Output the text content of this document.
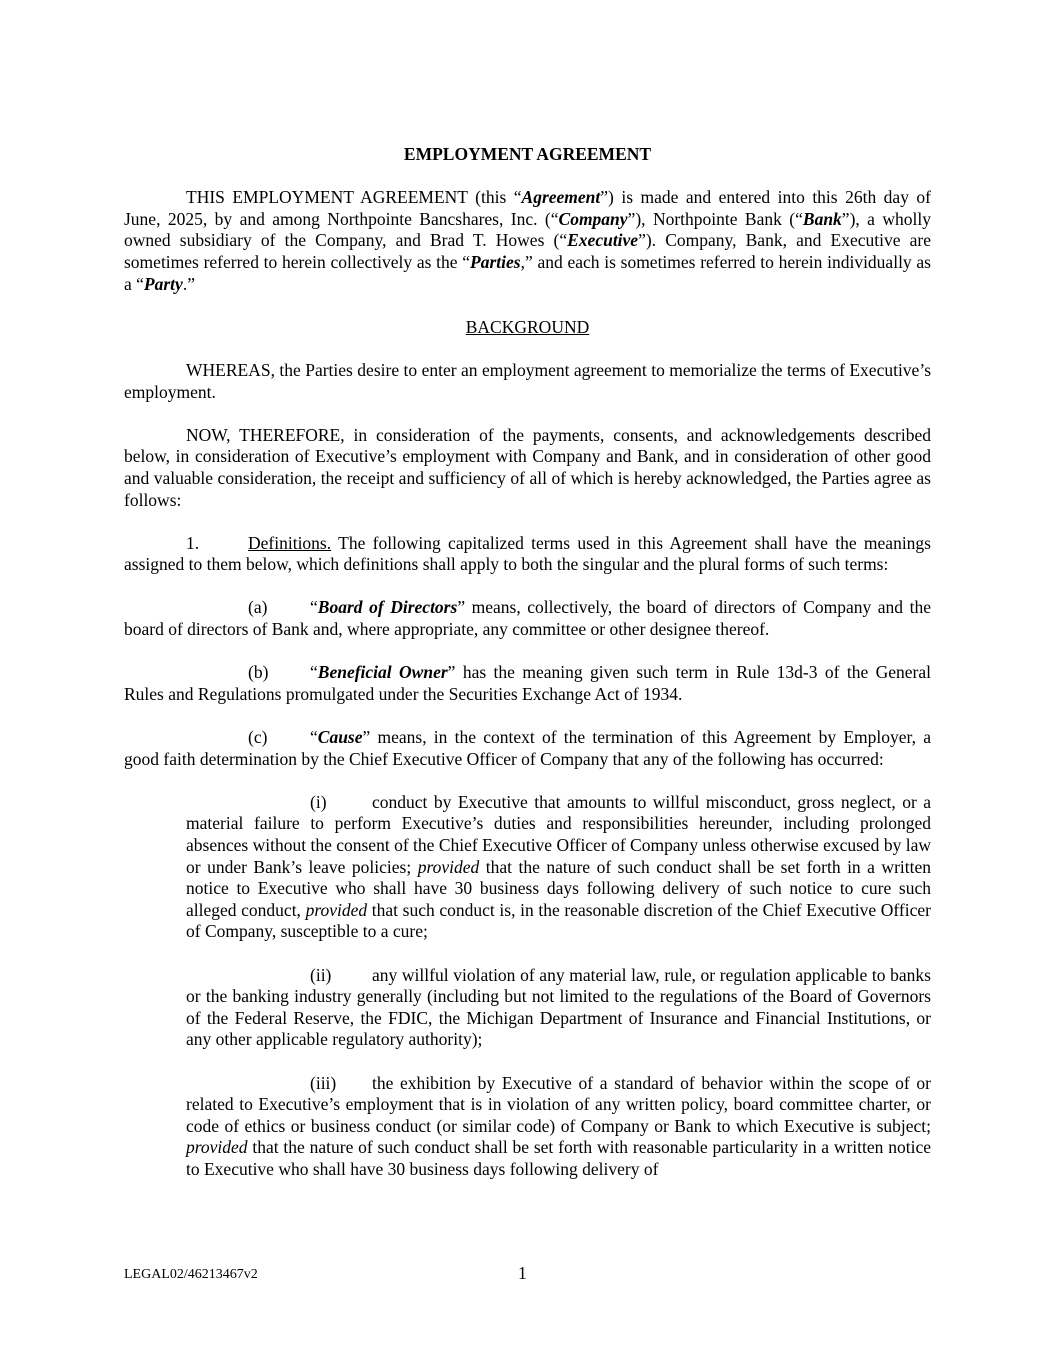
EMPLOYMENT AGREEMENT

THIS EMPLOYMENT AGREEMENT (this “Agreement”) is made and entered into this 26th day of June, 2025, by and among Northpointe Bancshares, Inc. (“Company”), Northpointe Bank (“Bank”), a wholly owned subsidiary of the Company, and Brad T. Howes (“Executive”). Company, Bank, and Executive are sometimes referred to herein collectively as the “Parties,” and each is sometimes referred to herein individually as a “Party.”

BACKGROUND

WHEREAS, the Parties desire to enter an employment agreement to memorialize the terms of Executive’s employment.

NOW, THEREFORE, in consideration of the payments, consents, and acknowledgements described below, in consideration of Executive’s employment with Company and Bank, and in consideration of other good and valuable consideration, the receipt and sufficiency of all of which is hereby acknowledged, the Parties agree as follows:

1.	Definitions. The following capitalized terms used in this Agreement shall have the meanings assigned to them below, which definitions shall apply to both the singular and the plural forms of such terms:

(a) “Board of Directors” means, collectively, the board of directors of Company and the board of directors of Bank and, where appropriate, any committee or other designee thereof.

(b) “Beneficial Owner” has the meaning given such term in Rule 13d-3 of the General Rules and Regulations promulgated under the Securities Exchange Act of 1934.

(c) “Cause” means, in the context of the termination of this Agreement by Employer, a good faith determination by the Chief Executive Officer of Company that any of the following has occurred:

(i)	conduct by Executive that amounts to willful misconduct, gross neglect, or a material failure to perform Executive’s duties and responsibilities hereunder, including prolonged absences without the consent of the Chief Executive Officer of Company unless otherwise excused by law or under Bank’s leave policies; provided that the nature of such conduct shall be set forth in a written notice to Executive who shall have 30 business days following delivery of such notice to cure such alleged conduct, provided that such conduct is, in the reasonable discretion of the Chief Executive Officer of Company, susceptible to a cure;

(ii) any willful violation of any material law, rule, or regulation applicable to banks or the banking industry generally (including but not limited to the regulations of the Board of Governors of the Federal Reserve, the FDIC, the Michigan Department of Insurance and Financial Institutions, or any other applicable regulatory authority);

(iii) the exhibition by Executive of a standard of behavior within the scope of or related to Executive’s employment that is in violation of any written policy, board committee charter, or code of ethics or business conduct (or similar code) of Company or Bank to which Executive is subject; provided that the nature of such conduct shall be set forth with reasonable particularity in a written notice to Executive who shall have 30 business days following delivery of

LEGAL02/46213467v2	1
